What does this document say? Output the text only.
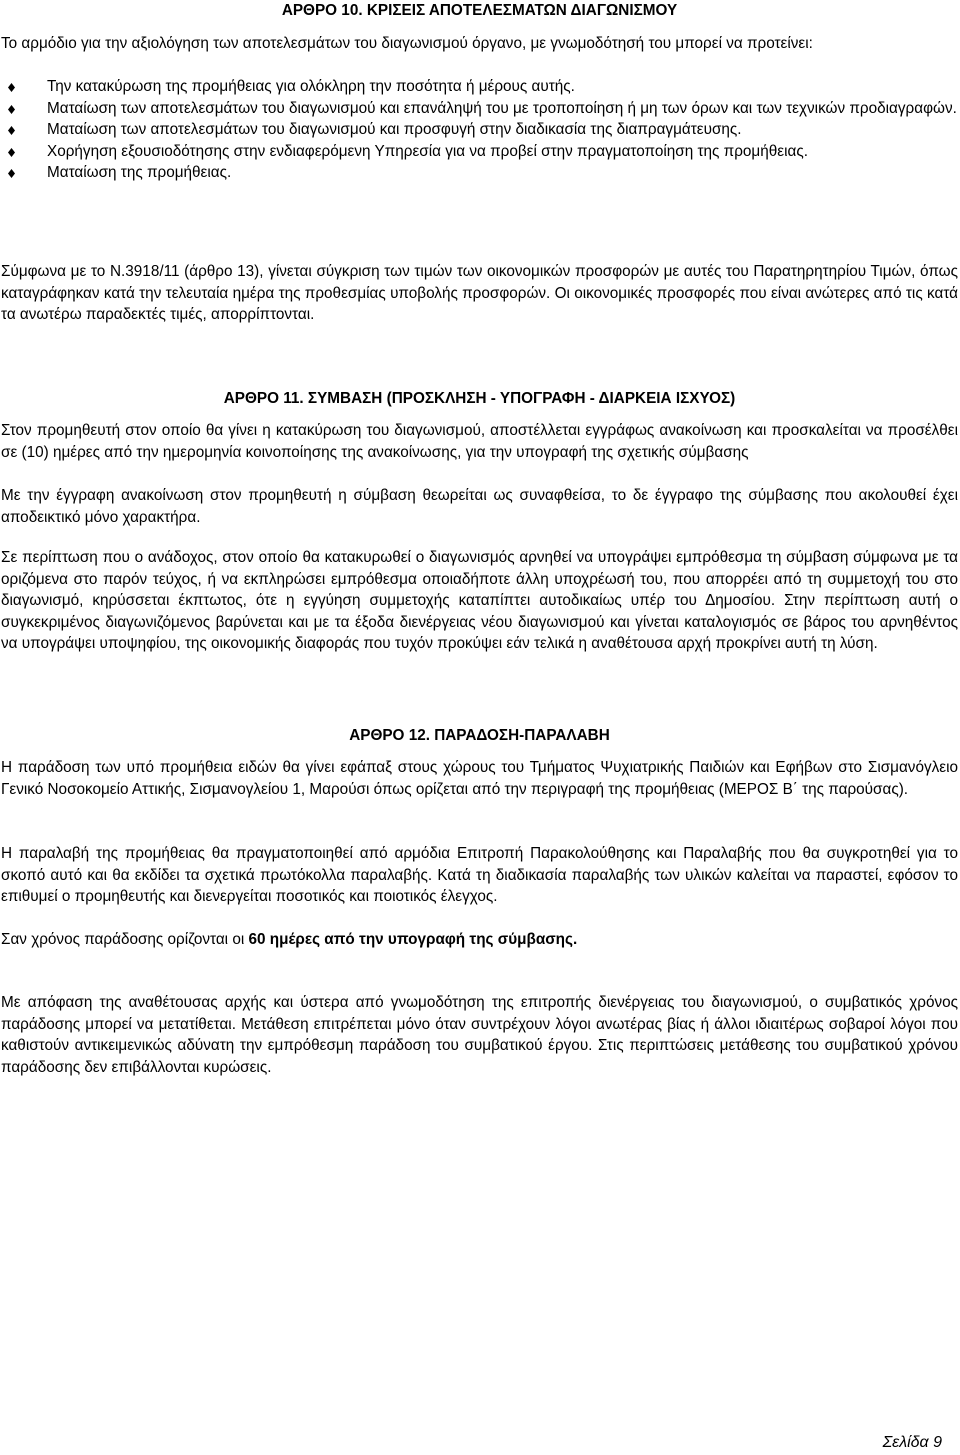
ΑΡΘΡΟ 10. ΚΡΙΣΕΙΣ ΑΠΟΤΕΛΕΣΜΑΤΩΝ ΔΙΑΓΩΝΙΣΜΟΥ

Το αρμόδιο για την αξιολόγηση των αποτελεσμάτων του διαγωνισμού όργανο, με γνωμοδότησή του μπορεί να προτείνει:

Την κατακύρωση της προμήθειας για ολόκληρη την ποσότητα ή μέρους αυτής.
Ματαίωση των αποτελεσμάτων του διαγωνισμού και επανάληψή του με τροποποίηση ή μη των όρων και των τεχνικών προδιαγραφών.
Ματαίωση των αποτελεσμάτων του διαγωνισμού και προσφυγή στην διαδικασία της διαπραγμάτευσης.
Χορήγηση εξουσιοδότησης στην ενδιαφερόμενη Υπηρεσία για να προβεί στην πραγματοποίηση της προμήθειας.
Ματαίωση της προμήθειας.

Σύμφωνα με το Ν.3918/11 (άρθρο 13), γίνεται σύγκριση των τιμών των οικονομικών προσφορών με αυτές του Παρατηρητηρίου Τιμών, όπως καταγράφηκαν κατά την τελευταία ημέρα της προθεσμίας υποβολής προσφορών. Οι οικονομικές προσφορές που είναι ανώτερες από τις κατά τα ανωτέρω παραδεκτές τιμές, απορρίπτονται.

ΑΡΘΡΟ 11. ΣΥΜΒΑΣΗ (ΠΡΟΣΚΛΗΣΗ - ΥΠΟΓΡΑΦΗ - ΔΙΑΡΚΕΙΑ ΙΣΧΥΟΣ)

Στον προμηθευτή στον οποίο θα γίνει η κατακύρωση του διαγωνισμού, αποστέλλεται εγγράφως ανακοίνωση και προσκαλείται να προσέλθει σε (10) ημέρες από την ημερομηνία κοινοποίησης της ανακοίνωσης, για την υπογραφή της σχετικής σύμβασης

Με την έγγραφη ανακοίνωση στον προμηθευτή η σύμβαση θεωρείται ως συναφθείσα, το δε έγγραφο της σύμβασης που ακολουθεί έχει αποδεικτικό μόνο χαρακτήρα.

Σε περίπτωση που ο ανάδοχος, στον οποίο θα κατακυρωθεί ο διαγωνισμός αρνηθεί να υπογράψει εμπρόθεσμα τη σύμβαση σύμφωνα με τα οριζόμενα στο παρόν τεύχος, ή να εκπληρώσει εμπρόθεσμα οποιαδήποτε άλλη υποχρέωσή του, που απορρέει από τη συμμετοχή του στο διαγωνισμό, κηρύσσεται έκπτωτος, ότε η εγγύηση συμμετοχής καταπίπτει αυτοδικαίως υπέρ του Δημοσίου. Στην περίπτωση αυτή ο συγκεκριμένος διαγωνιζόμενος βαρύνεται και με τα έξοδα διενέργειας νέου διαγωνισμού και γίνεται καταλογισμός σε βάρος του αρνηθέντος να υπογράψει υποψηφίου, της οικονομικής διαφοράς που τυχόν προκύψει εάν τελικά η αναθέτουσα αρχή προκρίνει αυτή τη λύση.

ΑΡΘΡΟ 12. ΠΑΡΑΔΟΣΗ-ΠΑΡΑΛΑΒΗ

Η παράδοση των υπό προμήθεια ειδών θα γίνει εφάπαξ στους χώρους του Τμήματος Ψυχιατρικής Παιδιών και Εφήβων στο Σισμανόγλειο Γενικό Νοσοκομείο Αττικής, Σισμανογλείου 1, Μαρούσι όπως ορίζεται από την περιγραφή της προμήθειας (ΜΕΡΟΣ Β΄ της παρούσας).

Η παραλαβή της προμήθειας θα πραγματοποιηθεί από αρμόδια Επιτροπή Παρακολούθησης και Παραλαβής που θα συγκροτηθεί για το σκοπό αυτό και θα εκδίδει τα σχετικά πρωτόκολλα παραλαβής. Κατά τη διαδικασία παραλαβής των υλικών καλείται να παραστεί, εφόσον το επιθυμεί ο προμηθευτής και διενεργείται ποσοτικός και ποιοτικός έλεγχος.

Σαν χρόνος παράδοσης ορίζονται οι 60 ημέρες από την υπογραφή της σύμβασης.

Με απόφαση της αναθέτουσας αρχής και ύστερα από γνωμοδότηση της επιτροπής διενέργειας του διαγωνισμού, ο συμβατικός χρόνος παράδοσης μπορεί να μετατίθεται. Μετάθεση επιτρέπεται μόνο όταν συντρέχουν λόγοι ανωτέρας βίας ή άλλοι ιδιαιτέρως σοβαροί λόγοι που καθιστούν αντικειμενικώς αδύνατη την εμπρόθεσμη παράδοση του συμβατικού έργου. Στις περιπτώσεις μετάθεσης του συμβατικού χρόνου παράδοσης δεν επιβάλλονται κυρώσεις.

Σελίδα 9
